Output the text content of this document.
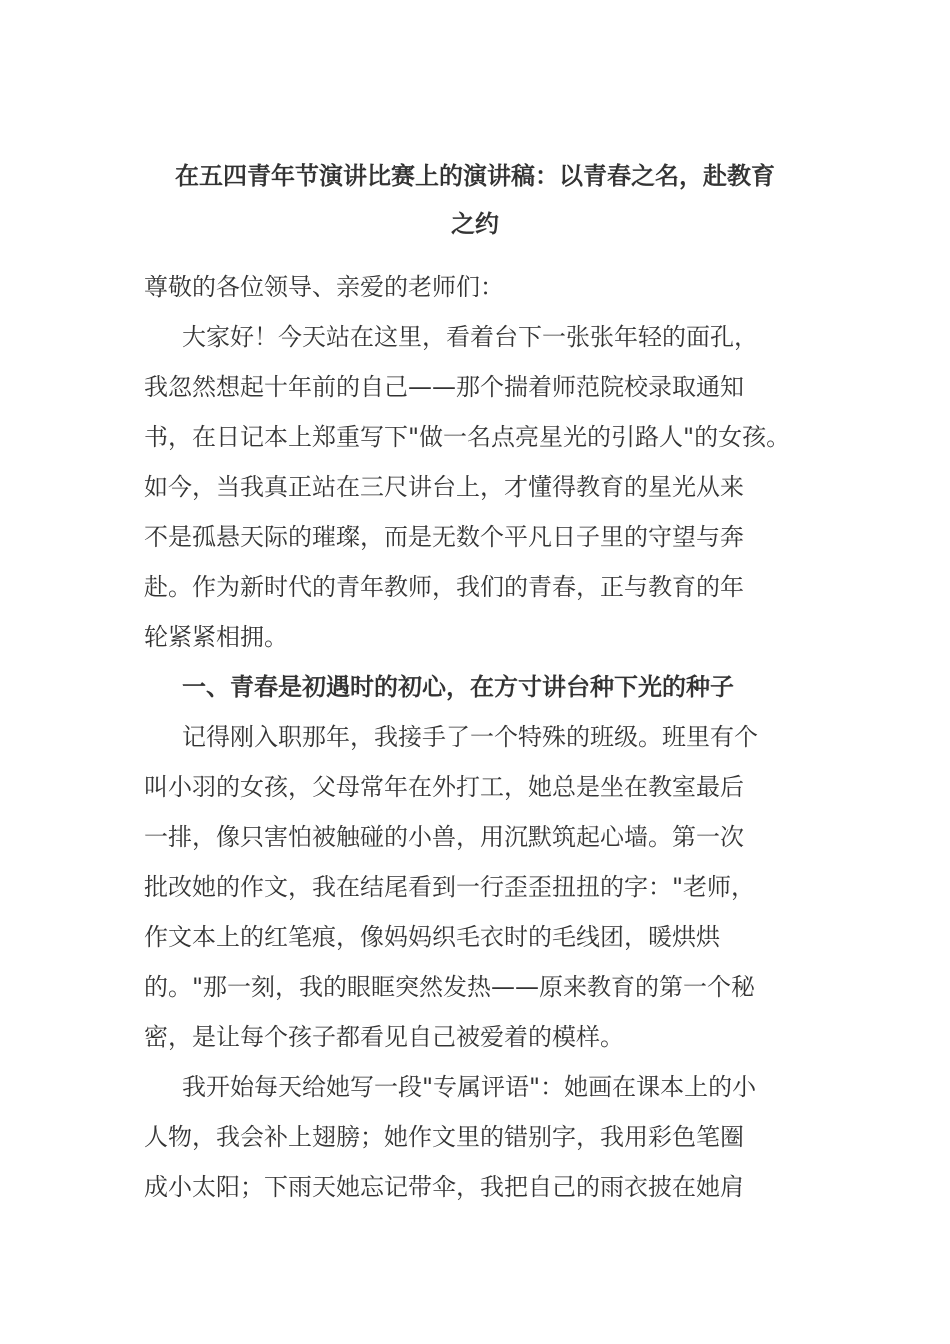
在五四青年节演讲比赛上的演讲稿：以青春之名，赴教育
之约
尊敬的各位领导、亲爱的老师们：
大家好！今天站在这里，看着台下一张张年轻的面孔，
我忽然想起十年前的自己——那个揣着师范院校录取通知
书，在日记本上郑重写下"做一名点亮星光的引路人"的女孩。
如今，当我真正站在三尺讲台上，才懂得教育的星光从来
不是孤悬天际的璀璨，而是无数个平凡日子里的守望与奔
赴。作为新时代的青年教师，我们的青春，正与教育的年
轮紧紧相拥。
一、青春是初遇时的初心，在方寸讲台种下光的种子
记得刚入职那年，我接手了一个特殊的班级。班里有个
叫小羽的女孩，父母常年在外打工，她总是坐在教室最后
一排，像只害怕被触碰的小兽，用沉默筑起心墙。第一次
批改她的作文，我在结尾看到一行歪歪扭扭的字："老师，
作文本上的红笔痕，像妈妈织毛衣时的毛线团，暖烘烘
的。"那一刻，我的眼眶突然发热——原来教育的第一个秘
密，是让每个孩子都看见自己被爱着的模样。
我开始每天给她写一段"专属评语"：她画在课本上的小
人物，我会补上翅膀；她作文里的错别字，我用彩色笔圈
成小太阳；下雨天她忘记带伞，我把自己的雨衣披在她肩
